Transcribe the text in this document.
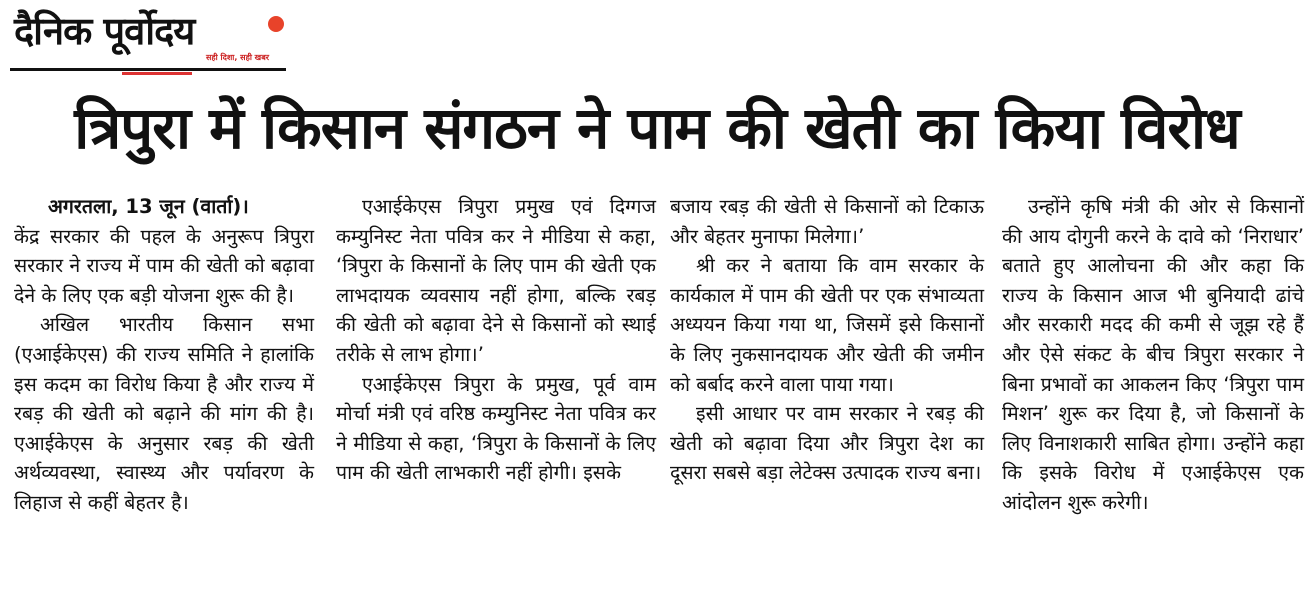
दैनिक पूर्वोदय
सही दिशा, सही खबर
त्रिपुरा में किसान संगठन ने पाम की खेती का किया विरोध

अगरतला, 13 जून (वार्ता)।

केंद्र सरकार की पहल के अनुरूप त्रिपुरा सरकार ने राज्य में पाम की खेती को बढ़ावा देने के लिए एक बड़ी योजना शुरू की है।

अखिल भारतीय किसान सभा (एआईकेएस) की राज्य समिति ने हालांकि इस कदम का विरोध किया है और राज्य में रबड़ की खेती को बढ़ाने की मांग की है। एआईकेएस के अनुसार रबड़ की खेती अर्थव्यवस्था, स्वास्थ्य और पर्यावरण के लिहाज से कहीं बेहतर है।

एआईकेएस त्रिपुरा प्रमुख एवं दिग्गज कम्युनिस्ट नेता पवित्र कर ने मीडिया से कहा, ‘त्रिपुरा के किसानों के लिए पाम की खेती एक लाभदायक व्यवसाय नहीं होगा, बल्कि रबड़ की खेती को बढ़ावा देने से किसानों को स्थाई तरीके से लाभ होगा।’

एआईकेएस त्रिपुरा के प्रमुख, पूर्व वाम मोर्चा मंत्री एवं वरिष्ठ कम्युनिस्ट नेता पवित्र कर ने मीडिया से कहा, ‘त्रिपुरा के किसानों के लिए पाम की खेती लाभकारी नहीं होगी। इसके

बजाय रबड़ की खेती से किसानों को टिकाऊ और बेहतर मुनाफा मिलेगा।’

श्री कर ने बताया कि वाम सरकार के कार्यकाल में पाम की खेती पर एक संभाव्यता अध्ययन किया गया था, जिसमें इसे किसानों के लिए नुकसानदायक और खेती की जमीन को बर्बाद करने वाला पाया गया।

इसी आधार पर वाम सरकार ने रबड़ की खेती को बढ़ावा दिया और त्रिपुरा देश का दूसरा सबसे बड़ा लेटेक्स उत्पादक राज्य बना।

उन्होंने कृषि मंत्री की ओर से किसानों की आय दोगुनी करने के दावे को ‘निराधार’ बताते हुए आलोचना की और कहा कि राज्य के किसान आज भी बुनियादी ढांचे और सरकारी मदद की कमी से जूझ रहे हैं और ऐसे संकट के बीच त्रिपुरा सरकार ने बिना प्रभावों का आकलन किए ‘त्रिपुरा पाम मिशन’ शुरू कर दिया है, जो किसानों के लिए विनाशकारी साबित होगा। उन्होंने कहा कि इसके विरोध में एआईकेएस एक आंदोलन शुरू करेगी।
